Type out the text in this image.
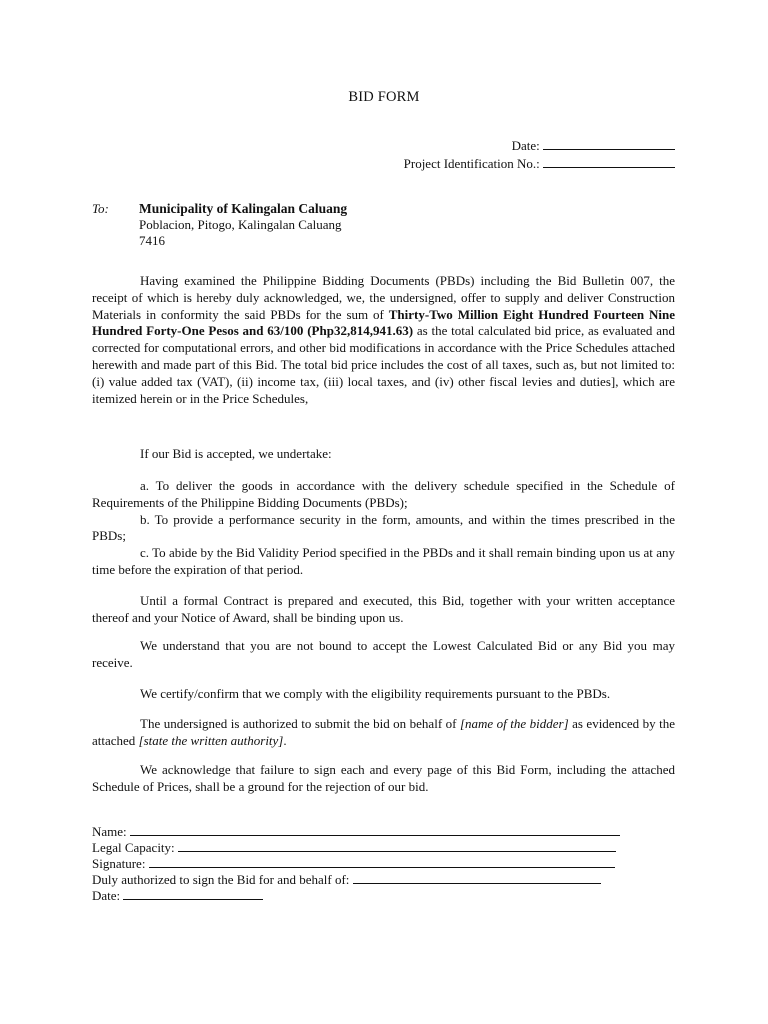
BID FORM
Date:
Project Identification No.:
To: Municipality of Kalingalan Caluang
Poblacion, Pitogo, Kalingalan Caluang
7416
Having examined the Philippine Bidding Documents (PBDs) including the Bid Bulletin 007, the receipt of which is hereby duly acknowledged, we, the undersigned, offer to supply and deliver Construction Materials in conformity the said PBDs for the sum of Thirty-Two Million Eight Hundred Fourteen Nine Hundred Forty-One Pesos and 63/100 (Php32,814,941.63) as the total calculated bid price, as evaluated and corrected for computational errors, and other bid modifications in accordance with the Price Schedules attached herewith and made part of this Bid. The total bid price includes the cost of all taxes, such as, but not limited to: (i) value added tax (VAT), (ii) income tax, (iii) local taxes, and (iv) other fiscal levies and duties], which are itemized herein or in the Price Schedules,
If our Bid is accepted, we undertake:

a. To deliver the goods in accordance with the delivery schedule specified in the Schedule of Requirements of the Philippine Bidding Documents (PBDs);

b. To provide a performance security in the form, amounts, and within the times prescribed in the PBDs;

c. To abide by the Bid Validity Period specified in the PBDs and it shall remain binding upon us at any time before the expiration of that period.

Until a formal Contract is prepared and executed, this Bid, together with your written acceptance thereof and your Notice of Award, shall be binding upon us.
We understand that you are not bound to accept the Lowest Calculated Bid or any Bid you may receive.
We certify/confirm that we comply with the eligibility requirements pursuant to the PBDs.
The undersigned is authorized to submit the bid on behalf of [name of the bidder] as evidenced by the attached [state the written authority].
We acknowledge that failure to sign each and every page of this Bid Form, including the attached Schedule of Prices, shall be a ground for the rejection of our bid.
Name:
Legal Capacity:
Signature:
Duly authorized to sign the Bid for and behalf of:
Date:
